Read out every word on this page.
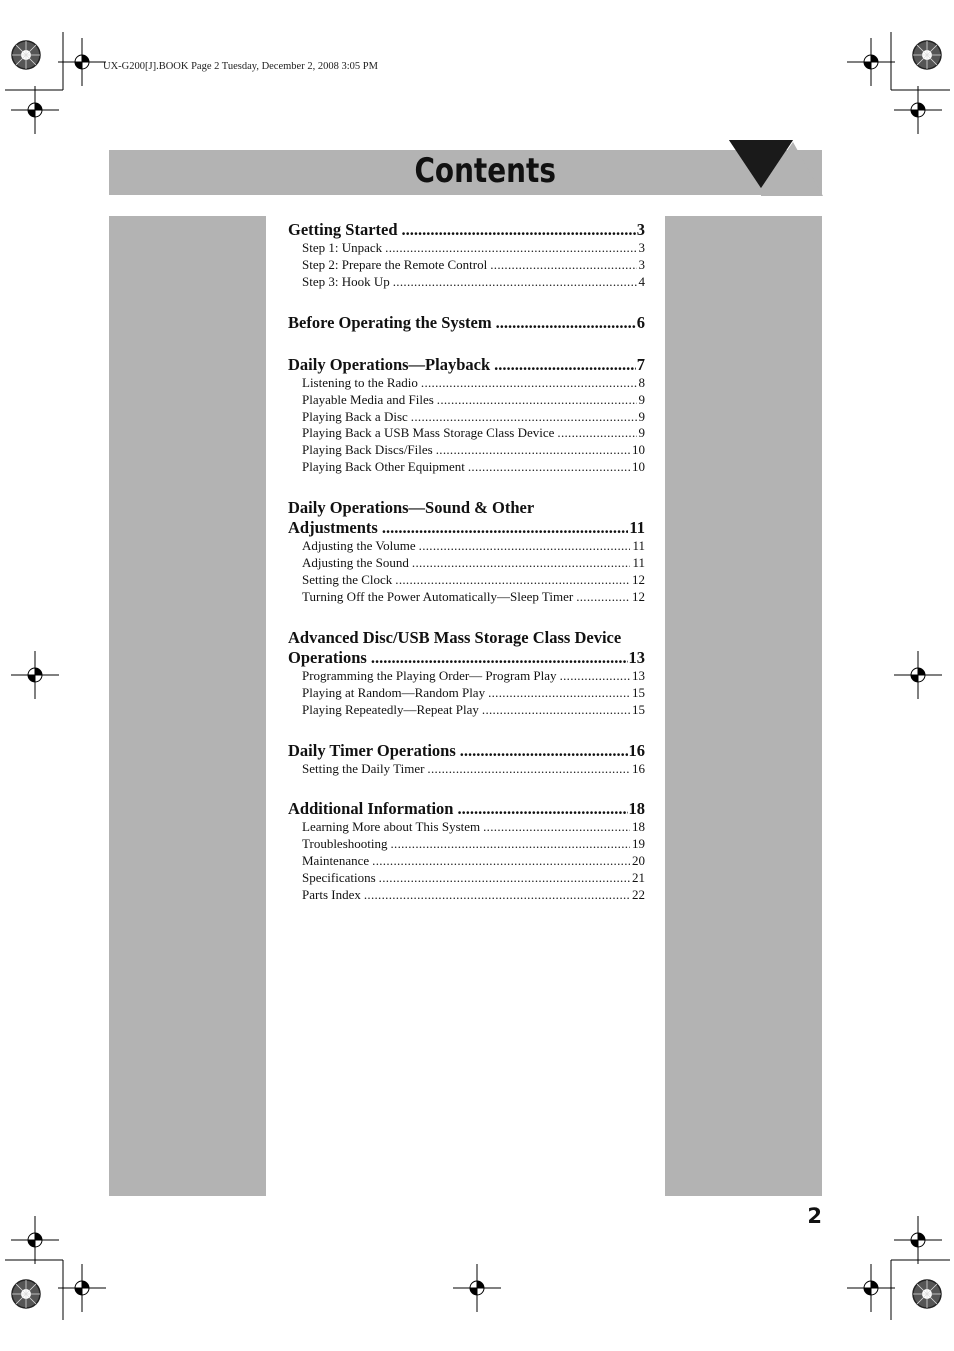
UX-G200[J].BOOK Page 2 Tuesday, December 2, 2008 3:05 PM
Contents
Getting Started .....	3
Step 1: Unpack .....	3
Step 2: Prepare the Remote Control .....	3
Step 3: Hook Up .....	4
Before Operating the System .....	6
Daily Operations—Playback .....	7
Listening to the Radio .....	8
Playable Media and Files .....	9
Playing Back a Disc .....	9
Playing Back a USB Mass Storage Class Device .....	9
Playing Back Discs/Files .....	10
Playing Back Other Equipment .....	10
Daily Operations—Sound & Other
Adjustments .....	11
Adjusting the Volume .....	11
Adjusting the Sound .....	11
Setting the Clock .....	12
Turning Off the Power Automatically—Sleep Timer .....	12
Advanced Disc/USB Mass Storage Class Device
Operations .....	13
Programming the Playing Order— Program Play .....	13
Playing at Random—Random Play .....	15
Playing Repeatedly—Repeat Play .....	15
Daily Timer Operations .....	16
Setting the Daily Timer .....	16
Additional Information .....	18
Learning More about This System .....	18
Troubleshooting .....	19
Maintenance .....	20
Specifications .....	21
Parts Index .....	22
2
